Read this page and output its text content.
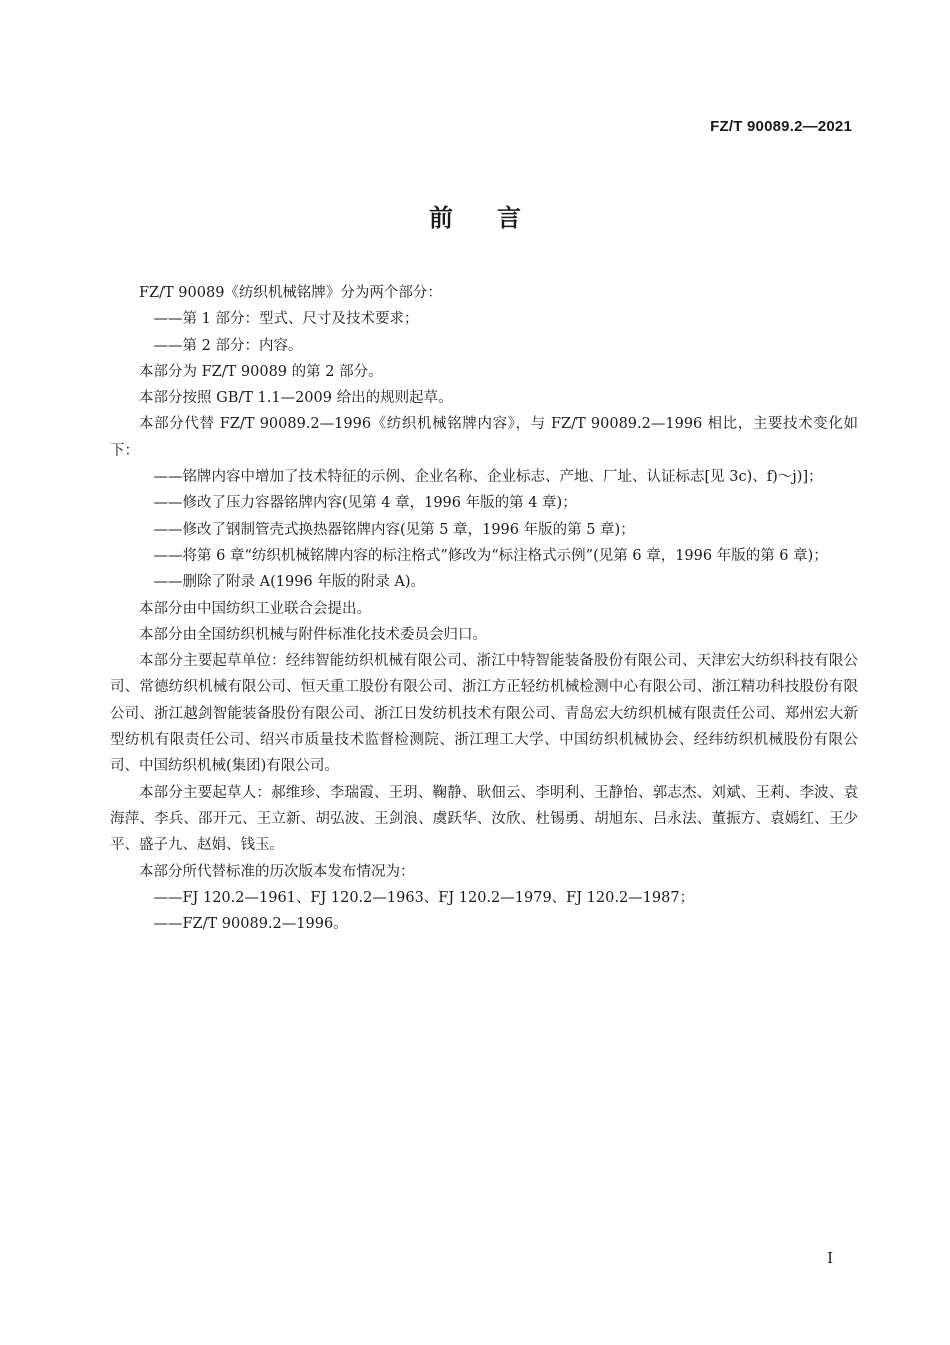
FZ/T 90089.2—2021
前言

FZ/T 90089《纺织机械铭牌》分为两个部分：

——第 1 部分：型式、尺寸及技术要求；

——第 2 部分：内容。

本部分为 FZ/T 90089 的第 2 部分。

本部分按照 GB/T 1.1—2009 给出的规则起草。

本部分代替 FZ/T 90089.2—1996《纺织机械铭牌内容》，与 FZ/T 90089.2—1996 相比，主要技术变化如下：

——铭牌内容中增加了技术特征的示例、企业名称、企业标志、产地、厂址、认证标志[见 3c)、f)～j)]；

——修改了压力容器铭牌内容(见第 4 章，1996 年版的第 4 章)；

——修改了钢制管壳式换热器铭牌内容(见第 5 章，1996 年版的第 5 章)；

——将第 6 章“纺织机械铭牌内容的标注格式”修改为“标注格式示例”(见第 6 章，1996 年版的第 6 章)；

——删除了附录 A(1996 年版的附录 A)。

本部分由中国纺织工业联合会提出。

本部分由全国纺织机械与附件标准化技术委员会归口。

本部分主要起草单位：经纬智能纺织机械有限公司、浙江中特智能装备股份有限公司、天津宏大纺织科技有限公司、常德纺织机械有限公司、恒天重工股份有限公司、浙江方正轻纺机械检测中心有限公司、浙江精功科技股份有限公司、浙江越剑智能装备股份有限公司、浙江日发纺机技术有限公司、青岛宏大纺织机械有限责任公司、郑州宏大新型纺机有限责任公司、绍兴市质量技术监督检测院、浙江理工大学、中国纺织机械协会、经纬纺织机械股份有限公司、中国纺织机械(集团)有限公司。

本部分主要起草人：郝维珍、李瑞霞、王玥、鞠静、耿佃云、李明利、王静怡、郭志杰、刘斌、王莉、李波、袁海萍、李兵、邵开元、王立新、胡弘波、王剑浪、虞跃华、汝欣、杜锡勇、胡旭东、吕永法、董振方、袁嫣红、王少平、盛子九、赵娟、钱玉。

本部分所代替标准的历次版本发布情况为：

——FJ 120.2—1961、FJ 120.2—1963、FJ 120.2—1979、FJ 120.2—1987；

——FZ/T 90089.2—1996。

I
